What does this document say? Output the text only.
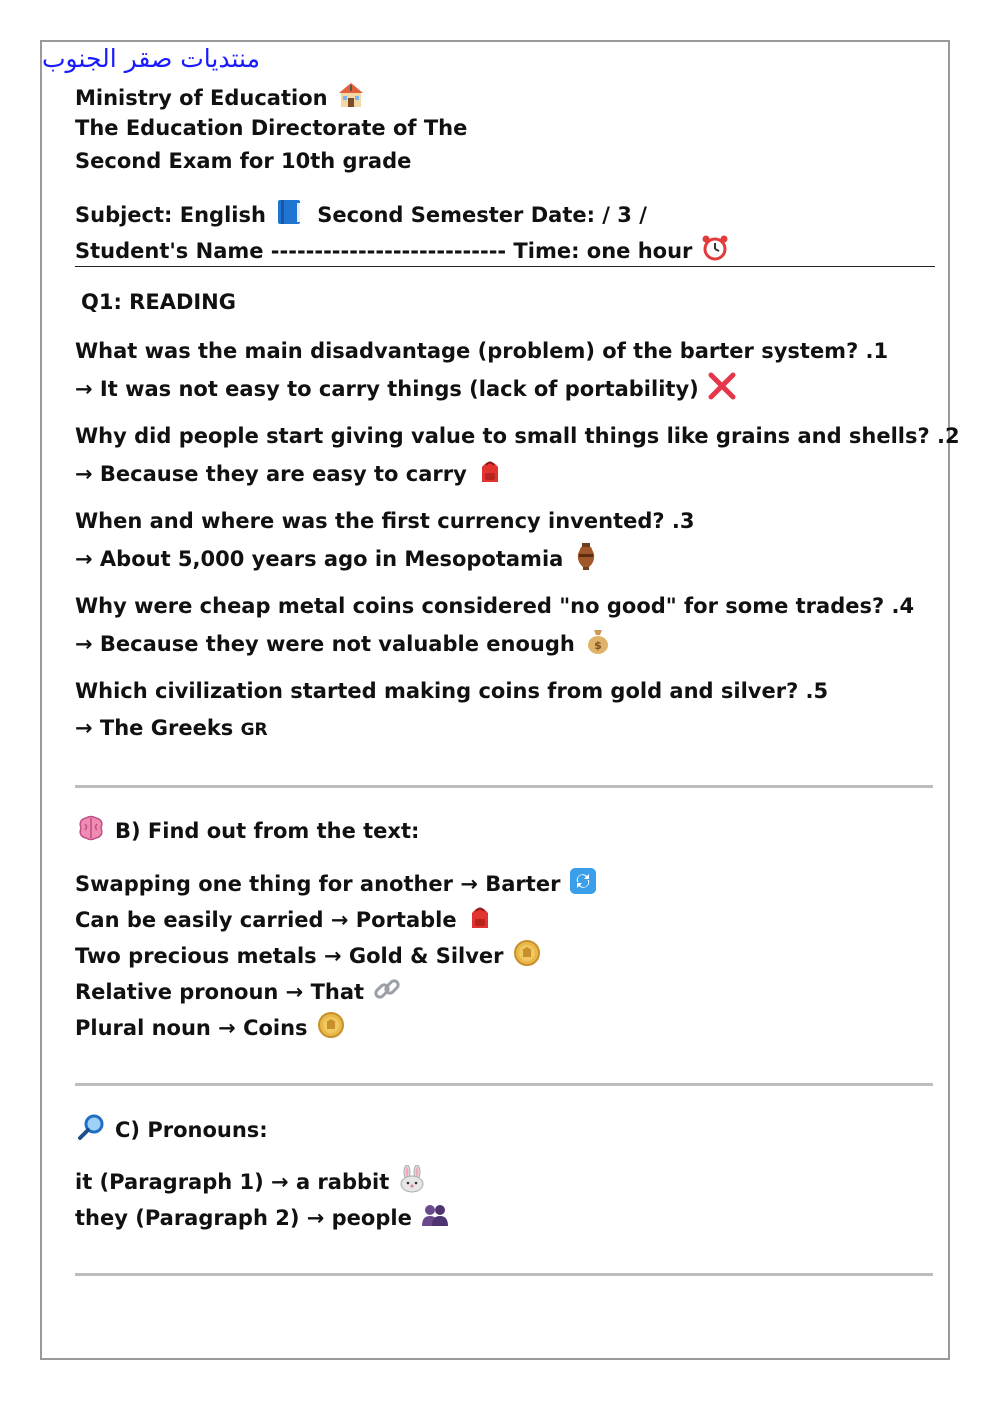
منتديات صقر الجنوب
Ministry of Education
The Education Directorate of The
Second Exam for 10th grade
Subject: English Second Semester Date: / 3 /
Student's Name --------------------------- Time: one hour
Q1: READING
What was the main disadvantage (problem) of the barter system? .1
→ It was not easy to carry things (lack of portability)
Why did people start giving value to small things like grains and shells? .2
→ Because they are easy to carry
When and where was the first currency invented? .3
→ About 5,000 years ago in Mesopotamia
Why were cheap metal coins considered "no good" for some trades? .4
→ Because they were not valuable enough $
Which civilization started making coins from gold and silver? .5
→ The Greeks GR
B) Find out from the text:
Swapping one thing for another → Barter
Can be easily carried → Portable
Two precious metals → Gold & Silver
Relative pronoun → That
Plural noun → Coins
C) Pronouns:
it (Paragraph 1) → a rabbit
they (Paragraph 2) → people
